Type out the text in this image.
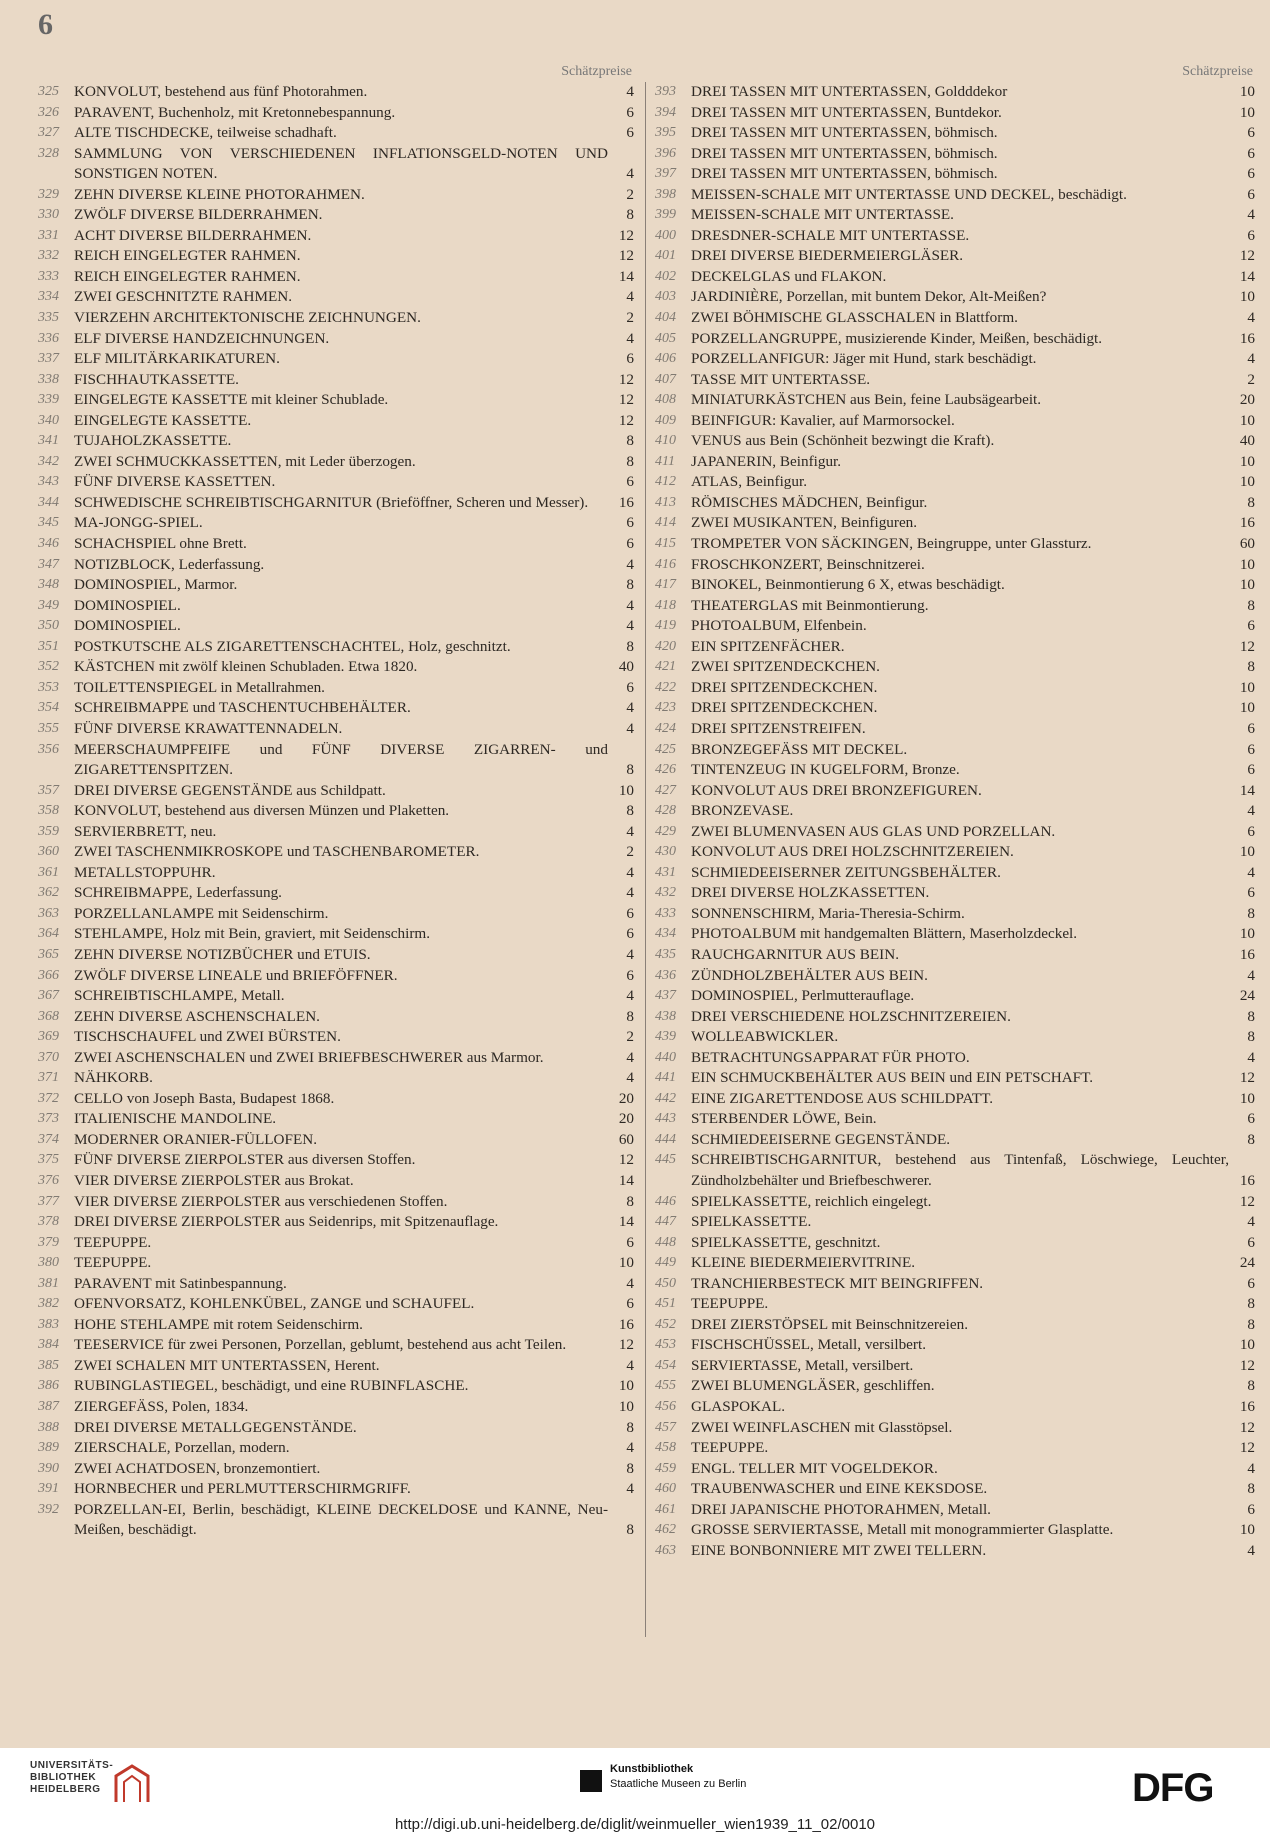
6
Schätzpreise
325 KONVOLUT, bestehend aus fünf Photorahmen.	4
326 PARAVENT, Buchenholz, mit Kretonnebespannung.	6
327 ALTE TISCHDECKE, teilweise schadhaft.	6
328 SAMMLUNG VON VERSCHIEDENEN INFLATIONSGELD-NOTEN UND SONSTIGEN NOTEN.	4
329 ZEHN DIVERSE KLEINE PHOTORAHMEN.	2
330 ZWÖLF DIVERSE BILDERRAHMEN.	8
331 ACHT DIVERSE BILDERRAHMEN.	12
332 REICH EINGELEGTER RAHMEN.	12
333 REICH EINGELEGTER RAHMEN.	14
334 ZWEI GESCHNITZTE RAHMEN.	4
335 VIERZEHN ARCHITEKTONISCHE ZEICHNUNGEN.	2
336 ELF DIVERSE HANDZEICHNUNGEN.	4
337 ELF MILITÄRKARIKATUREN.	6
338 FISCHHAUTKASSETTE.	12
339 EINGELEGTE KASSETTE mit kleiner Schublade.	12
340 EINGELEGTE KASSETTE.	12
341 TUJAHOLZKASSETTE.	8
342 ZWEI SCHMUCKKASSETTEN, mit Leder überzogen.	8
343 FÜNF DIVERSE KASSETTEN.	6
344 SCHWEDISCHE SCHREIBTISCHGARNITUR (Brieföffner, Scheren und Messer).	16
345 MA-JONGG-SPIEL.	6
346 SCHACHSPIEL ohne Brett.	6
347 NOTIZBLOCK, Lederfassung.	4
348 DOMINOSPIEL, Marmor.	8
349 DOMINOSPIEL.	4
350 DOMINOSPIEL.	4
351 POSTKUTSCHE ALS ZIGARETTENSCHACHTEL, Holz, geschnitzt.	8
352 KÄSTCHEN mit zwölf kleinen Schubladen. Etwa 1820.	40
353 TOILETTENSPIEGEL in Metallrahmen.	6
354 SCHREIBMAPPE und TASCHENTUCHBEHÄLTER.	4
355 FÜNF DIVERSE KRAWATTENNADELN.	4
356 MEERSCHAUMPFEIFE und FÜNF DIVERSE ZIGARREN- und ZIGARETTENSPITZEN.	8
357 DREI DIVERSE GEGENSTÄNDE aus Schildpatt.	10
358 KONVOLUT, bestehend aus diversen Münzen und Plaketten.	8
359 SERVIERBRETT, neu.	4
360 ZWEI TASCHENMIKROSKOPE und TASCHENBAROMETER.	2
361 METALLSTOPPUHR.	4
362 SCHREIBMAPPE, Lederfassung.	4
363 PORZELLANLAMPE mit Seidenschirm.	6
364 STEHLAMPE, Holz mit Bein, graviert, mit Seidenschirm.	6
365 ZEHN DIVERSE NOTIZBÜCHER und ETUIS.	4
366 ZWÖLF DIVERSE LINEALE und BRIEFÖFFNER.	6
367 SCHREIBTISCHLAMPE, Metall.	4
368 ZEHN DIVERSE ASCHENSCHALEN.	8
369 TISCHSCHAUFEL und ZWEI BÜRSTEN.	2
370 ZWEI ASCHENSCHALEN und ZWEI BRIEFBESCHWERER aus Marmor.	4
371 NÄHKORB.	4
372 CELLO von Joseph Basta, Budapest 1868.	20
373 ITALIENISCHE MANDOLINE.	20
374 MODERNER ORANIER-FÜLLOFEN.	60
375 FÜNF DIVERSE ZIERPOLSTER aus diversen Stoffen.	12
376 VIER DIVERSE ZIERPOLSTER aus Brokat.	14
377 VIER DIVERSE ZIERPOLSTER aus verschiedenen Stoffen.	8
378 DREI DIVERSE ZIERPOLSTER aus Seidenrips, mit Spitzenauflage.	14
379 TEEPUPPE.	6
380 TEEPUPPE.	10
381 PARAVENT mit Satinbespannung.	4
382 OFENVORSATZ, KOHLENKÜBEL, ZANGE und SCHAUFEL.	6
383 HOHE STEHLAMPE mit rotem Seidenschirm.	16
384 TEESERVICE für zwei Personen, Porzellan, geblumt, bestehend aus acht Teilen.	12
385 ZWEI SCHALEN MIT UNTERTASSEN, Herent.	4
386 RUBINGLASTIEGEL, beschädigt, und eine RUBINFLASCHE.	10
387 ZIERGEFÄSS, Polen, 1834.	10
388 DREI DIVERSE METALLGEGENSTÄNDE.	8
389 ZIERSCHALE, Porzellan, modern.	4
390 ZWEI ACHATDOSEN, bronzemontiert.	8
391 HORNBECHER und PERLMUTTERSCHIRMGRIFF.	4
392 PORZELLAN-EI, Berlin, beschädigt, KLEINE DECKELDOSE und KANNE, Neu-Meißen, beschädigt.	8
Schätzpreise
393 DREI TASSEN MIT UNTERTASSEN, Goldddekor	10
394 DREI TASSEN MIT UNTERTASSEN, Buntdekor.	10
395 DREI TASSEN MIT UNTERTASSEN, böhmisch.	6
396 DREI TASSEN MIT UNTERTASSEN, böhmisch.	6
397 DREI TASSEN MIT UNTERTASSEN, böhmisch.	6
398 MEISSEN-SCHALE MIT UNTERTASSE UND DECKEL, beschädigt.	6
399 MEISSEN-SCHALE MIT UNTERTASSE.	4
400 DRESDNER-SCHALE MIT UNTERTASSE.	6
401 DREI DIVERSE BIEDERMEIERGLÄSER.	12
402 DECKELGLAS und FLAKON.	14
403 JARDINIÈRE, Porzellan, mit buntem Dekor, Alt-Meißen?	10
404 ZWEI BÖHMISCHE GLASSCHALEN in Blattform.	4
405 PORZELLANGRUPPE, musizierende Kinder, Meißen, beschädigt.	16
406 PORZELLANFIGUR: Jäger mit Hund, stark beschädigt.	4
407 TASSE MIT UNTERTASSE.	2
408 MINIATURKÄSTCHEN aus Bein, feine Laubsägearbeit.	20
409 BEINFIGUR: Kavalier, auf Marmorsockel.	10
410 VENUS aus Bein (Schönheit bezwingt die Kraft).	40
411	JAPANERIN, Beinfigur.	10
412 ATLAS, Beinfigur.	10
413 RÖMISCHES MÄDCHEN, Beinfigur.	8
414 ZWEI MUSIKANTEN, Beinfiguren.	16
415 TROMPETER VON SÄCKINGEN, Beingruppe, unter Glassturz.	60
416 FROSCHKONZERT, Beinschnitzerei.	10
417 BINOKEL, Beinmontierung 6 X, etwas beschädigt.	10
418 THEATERGLAS mit Beinmontierung.	8
419 PHOTOALBUM, Elfenbein.	6
420 EIN SPITZENFÄCHER.	12
421 ZWEI SPITZENDECKCHEN.	8
422 DREI SPITZENDECKCHEN.	10
423 DREI SPITZENDECKCHEN.	10
424 DREI SPITZENSTREIFEN.	6
425 BRONZEGEFÄSS MIT DECKEL.	6
426 TINTENZEUG IN KUGELFORM, Bronze.	6
427 KONVOLUT AUS DREI BRONZEFIGUREN.	14
428 BRONZEVASE.	4
429 ZWEI BLUMENVASEN AUS GLAS UND PORZELLAN.	6
430 KONVOLUT AUS DREI HOLZSCHNITZEREIEN.	10
431 SCHMIEDEEISERNER ZEITUNGSBEHÄLTER.	4
432 DREI DIVERSE HOLZKASSETTEN.	6
433 SONNENSCHIRM, Maria-Theresia-Schirm.	8
434 PHOTOALBUM mit handgemalten Blättern, Maserholzdeckel.	10
435 RAUCHGARNITUR AUS BEIN.	16
436 ZÜNDHOLZBEHÄLTER AUS BEIN.	4
437 DOMINOSPIEL, Perlmutterauflage.	24
438 DREI VERSCHIEDENE HOLZSCHNITZEREIEN.	8
439 WOLLEABWICKLER.	8
440 BETRACHTUNGSAPPARAT FÜR PHOTO.	4
441 EIN SCHMUCKBEHÄLTER AUS BEIN und EIN PETSCHAFT.	12
442 EINE ZIGARETTENDOSE AUS SCHILDPATT.	10
443 STERBENDER LÖWE, Bein.	6
444 SCHMIEDEEISERNE GEGENSTÄNDE.	8
445 SCHREIBTISCHGARNITUR, bestehend aus Tintenfaß, Löschwiege, Leuchter, Zündholzbehälter und Briefbeschwerer.	16
446 SPIELKASSETTE, reichlich eingelegt.	12
447 SPIELKASSETTE.	4
448 SPIELKASSETTE, geschnitzt.	6
449 KLEINE BIEDERMEIERVITRINE.	24
450 TRANCHIERBESTECK MIT BEINGRIFFEN.	6
451 TEEPUPPE.	8
452 DREI ZIERSTÖPSEL mit Beinschnitzereien.	8
453 FISCHSCHÜSSEL, Metall, versilbert.	10
454 SERVIERTASSE, Metall, versilbert.	12
455 ZWEI BLUMENGLÄSER, geschliffen.	8
456 GLASPOKAL.	16
457 ZWEI WEINFLASCHEN mit Glasstöpsel.	12
458 TEEPUPPE.	12
459 ENGL. TELLER MIT VOGELDEKOR.	4
460 TRAUBENWASCHER und EINE KEKSDOSE.	8
461 DREI JAPANISCHE PHOTORAHMEN, Metall.	6
462 GROSSE SERVIERTASSE, Metall mit monogrammierter Glasplatte.	10
463 EINE BONBONNIERE MIT ZWEI TELLERN.	4
UNIVERSITÄTS-
BIBLIOTHEK
HEIDELBERG
Kunstbibliothek
Staatliche Museen zu Berlin	DFG
http://digi.ub.uni-heidelberg.de/diglit/weinmueller_wien1939_11_02/0010
